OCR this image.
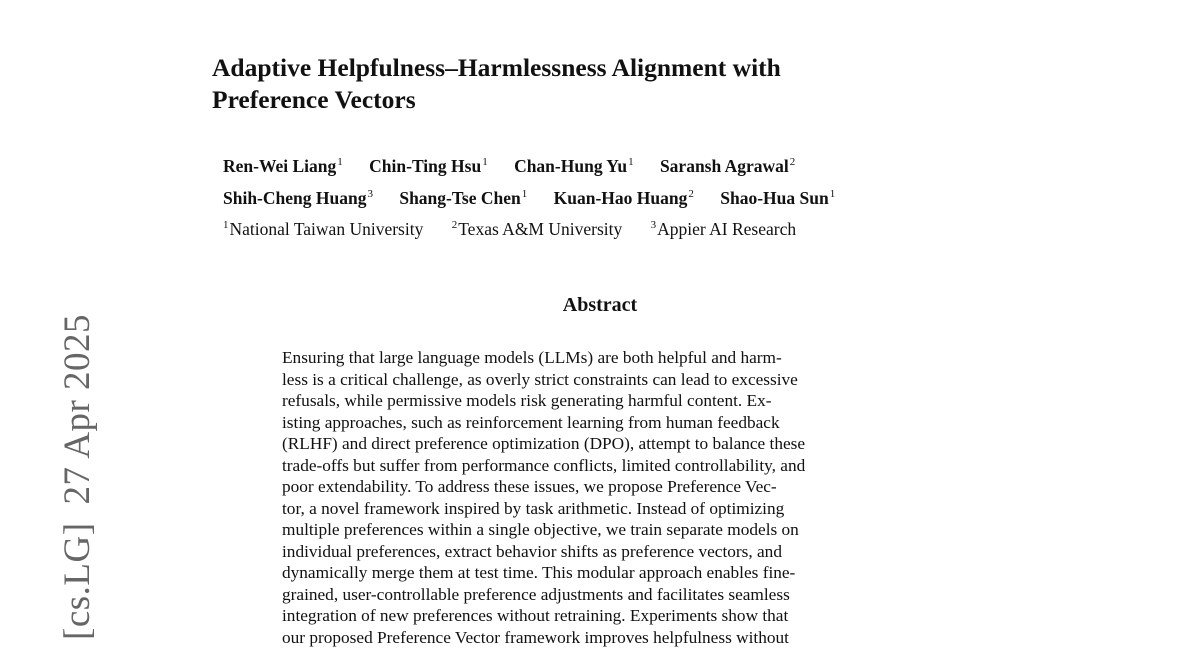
[cs.LG]27 Apr 2025
Adaptive Helpfulness–Harmlessness Alignment with
Preference Vectors
Ren-Wei Liang$^1$ Chin-Ting Hsu$^1$ Chan-Hung Yu$^1$ Saransh Agrawal$^2$
Shih-Cheng Huang$^3$ Shang-Tse Chen$^1$ Kuan-Hao Huang$^2$ Shao-Hua Sun$^1$
$^1$National Taiwan University	$^2$Texas A&M University	$^3$Appier AI Research
Abstract
Ensuring that large language models (LLMs) are both helpful and harm-
less is a critical challenge, as overly strict constraints can lead to excessive
refusals, while permissive models risk generating harmful content. Ex-
isting approaches, such as reinforcement learning from human feedback
(RLHF) and direct preference optimization (DPO), attempt to balance these
trade-offs but suffer from performance conflicts, limited controllability, and
poor extendability. To address these issues, we propose Preference Vec-
tor, a novel framework inspired by task arithmetic. Instead of optimizing
multiple preferences within a single objective, we train separate models on
individual preferences, extract behavior shifts as preference vectors, and
dynamically merge them at test time. This modular approach enables fine-
grained, user-controllable preference adjustments and facilitates seamless
integration of new preferences without retraining. Experiments show that
our proposed Preference Vector framework improves helpfulness without
